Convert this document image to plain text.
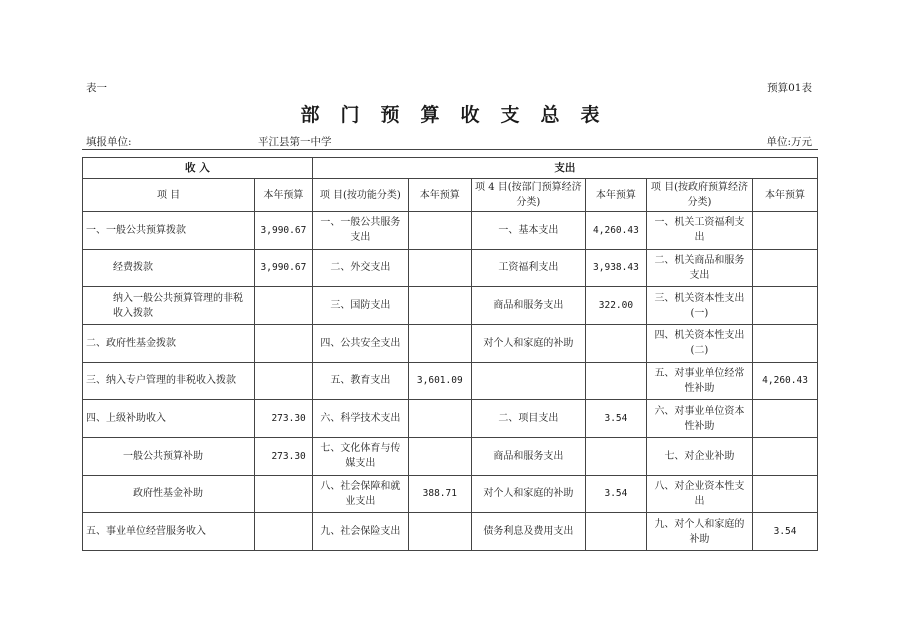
表一	预算01表
部门预算收支总表
填报单位:	平江县第一中学	单位:万元
收 入		支出					
项 目	本年预算	项 目(按功能分类)	本年预算	项 4 目(按部门预算经济分类)	本年预算	项 目(按政府预算经济分类)	本年预算
一、一般公共预算拨款	3,990.67	一、一般公共服务支出		一、基本支出	4,260.43	一、机关工资福利支出	
经费拨款	3,990.67	二、外交支出		工资福利支出	3,938.43	二、机关商品和服务支出	
纳入一般公共预算管理的非税收入拨款		三、国防支出		商品和服务支出	322.00	三、机关资本性支出(一)	
二、政府性基金拨款		四、公共安全支出		对个人和家庭的补助		四、机关资本性支出(二)	
三、纳入专户管理的非税收入拨款		五、教育支出	3,601.09			五、对事业单位经常性补助	4,260.43
四、上级补助收入	273.30	六、科学技术支出		二、项目支出	3.54	六、对事业单位资本性补助	
一般公共预算补助	273.30	七、文化体育与传媒支出		商品和服务支出		七、对企业补助	
政府性基金补助		八、社会保障和就业支出	388.71	对个人和家庭的补助	3.54	八、对企业资本性支出	
五、事业单位经营服务收入		九、社会保险支出		债务利息及费用支出		九、对个人和家庭的补助	3.54
